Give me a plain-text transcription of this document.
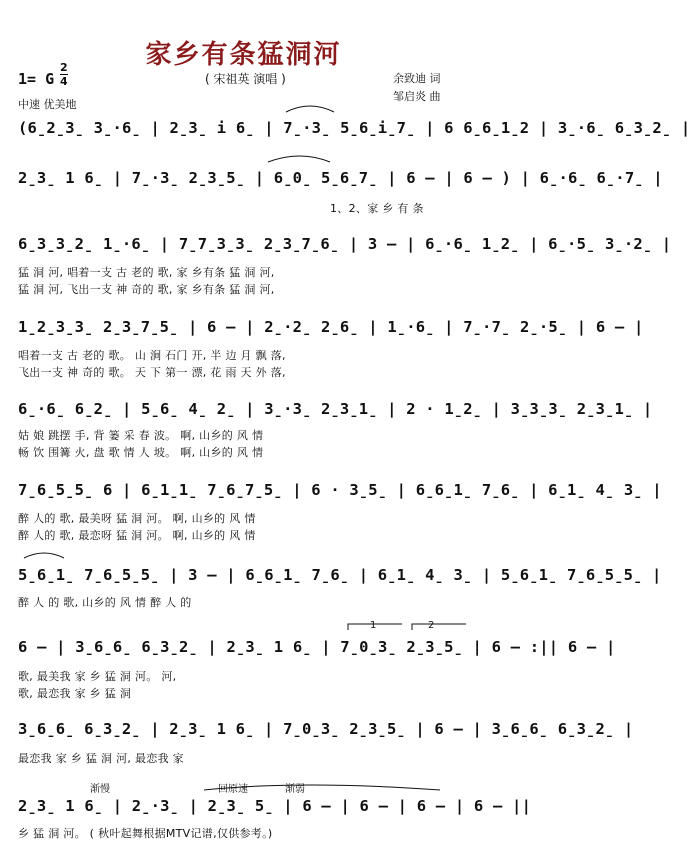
家乡有条猛洞河
1= G
2
4	( 宋祖英 演唱 )	余致迪 词
邹启炎 曲
中速 优美地
(6̱2̱3̱ 3̱·6̱ | 2̱3̱ i 6̱ | 7̱·3̱ 5̱6̱i̱7̱ | 6 6̱6̱1̱2 | 3̱·6̱ 6̱3̱2̱ |
2̱3̱ 1 6̱ | 7̱·3̱ 2̱3̱5̱ | 6̱0̱ 5̱6̱7̱ | 6 – | 6 – ) | 6̱·6̱ 6̱·7̱ |
1、2、家 乡 有 条
6̱3̱3̱2̱ 1̱·6̱ | 7̱7̱3̱3̱ 2̱3̱7̱6̱ | 3 – | 6̱·6̱ 1̱2̱ | 6̱·5̱ 3̱·2̱ |
猛 洞 河, 唱着一支 古 老的 歌, 家 乡有条 猛 洞 河,
猛 洞 河, 飞出一支 神 奇的 歌, 家 乡有条 猛 洞 河,
1̱2̱3̱3̱ 2̱3̱7̱5̱ | 6 – | 2̱·2̱ 2̱6̱ | 1̱·6̱ | 7̱·7̱ 2̱·5̱ | 6 – |
唱着一支 古 老的 歌。 山 涧 石门 开, 半 边 月 飘 落,
飞出一支 神 奇的 歌。 天 下 第一 漂, 花 雨 天 外 落,
6̱·6̱ 6̱2̱ | 5̱6̱ 4̱ 2̱ | 3̱·3̱ 2̱3̱1̱ | 2 · 1̱2̱ | 3̱3̱3̱ 2̱3̱1̱ |
姑 娘 跳摆 手, 背 篓 采 春 波。 啊, 山乡的 风 情
畅 饮 围篝 火, 盘 歌 情 人 坡。 啊, 山乡的 风 情
7̱6̱5̱5̱ 6 | 6̱1̱1̱ 7̱6̱7̱5̱ | 6 · 3̱5̱ | 6̱6̱1̱ 7̱6̱ | 6̱1̱ 4̱ 3̱ |
醉 人的 歌, 最美呀 猛 洞 河。 啊, 山乡的 风 情
醉 人的 歌, 最恋呀 猛 洞 河。 啊, 山乡的 风 情
5̱6̱1̱ 7̱6̱5̱5̱ | 3 – | 6̱6̱1̱ 7̱6̱ | 6̱1̱ 4̱ 3̱ | 5̱6̱1̱ 7̱6̱5̱5̱ |
醉 人 的 歌, 山乡的 风 情 醉 人 的
1	2
6 – | 3̱6̱6̱ 6̱3̱2̱ | 2̱3̱ 1 6̱ | 7̱0̱3̱ 2̱3̱5̱ | 6 – :|| 6 – |
歌, 最美我 家 乡 猛 洞 河。 河,
歌, 最恋我 家 乡 猛 洞
3̱6̱6̱ 6̱3̱2̱ | 2̱3̱ 1 6̱ | 7̱0̱3̱ 2̱3̱5̱ | 6 – | 3̱6̱6̱ 6̱3̱2̱ |
最恋我 家 乡 猛 洞 河, 最恋我 家
渐慢	回原速	渐弱
2̱3̱ 1 6̱ | 2̱·3̱ | 2̱3̱ 5̱ | 6 – | 6 – | 6 – | 6 – ||
乡 猛 洞 河。 ( 秋叶起舞根据MTV记谱,仅供参考。)
